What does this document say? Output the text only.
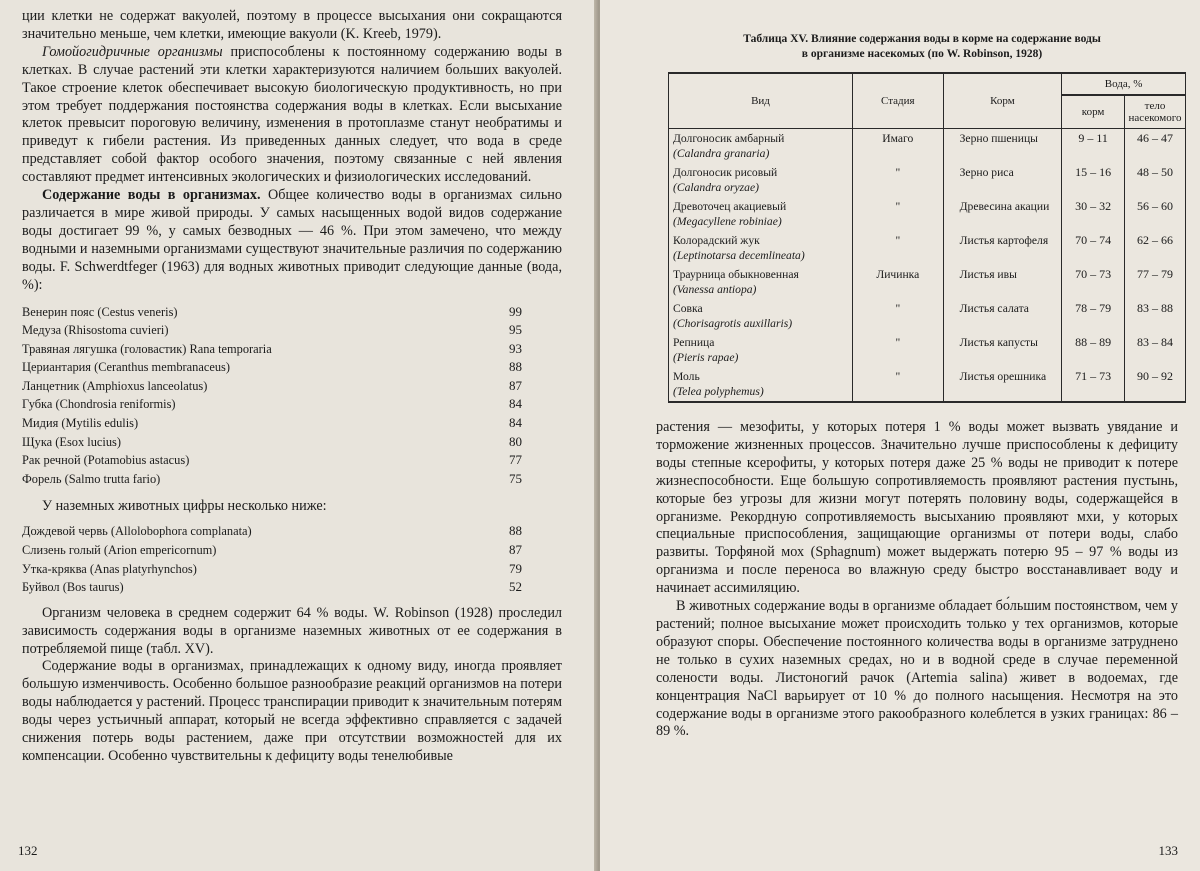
ции клетки не содержат вакуолей, поэтому в процессе высыхания они сокращаются значительно меньше, чем клетки, имеющие вакуоли (K. Kreeb, 1979).

Гомойогидричные организмы приспособлены к постоянному содержанию воды в клетках. В случае растений эти клетки характеризуются наличием больших вакуолей. Такое строение клеток обеспечивает высокую биологическую продуктивность, но при этом требует поддержания постоянства содержания воды в клетках. Если высыхание клеток превысит пороговую величину, изменения в протоплазме станут необратимы и приведут к гибели растения. Из приведенных данных следует, что вода в среде представляет собой фактор особого значения, поэтому связанные с ней явления составляют предмет интенсивных экологических и физиологических исследований.

Содержание воды в организмах. Общее количество воды в организмах сильно различается в мире живой природы. У самых насыщенных водой видов содержание воды достигает 99 %, у самых безводных — 46 %. При этом замечено, что между водными и наземными организмами существуют значительные различия по содержанию воды. F. Schwerdtfeger (1963) для водных животных приводит следующие данные (вода, %):

Венерин пояс (Cestus veneris)	99
Медуза (Rhisostoma cuvieri)	95
Травяная лягушка (головастик) Rana temporaria	93
Цериантария (Ceranthus membranaceus)	88
Ланцетник (Amphioxus lanceolatus)	87
Губка (Chondrosia reniformis)	84
Мидия (Mytilis edulis)	84
Щука (Esox lucius)	80
Рак речной (Potamobius astacus)	77
Форель (Salmo trutta fario)	75

У наземных животных цифры несколько ниже:

Дождевой червь (Allolobophora complanata)	88
Слизень голый (Arion empericornum)	87
Утка-кряква (Anas platyrhynchos)	79
Буйвол (Bos taurus)	52

Организм человека в среднем содержит 64 % воды. W. Robinson (1928) проследил зависимость содержания воды в организме наземных животных от ее содержания в потребляемой пище (табл. XV).

Содержание воды в организмах, принадлежащих к одному виду, иногда проявляет большую изменчивость. Особенно большое разнообразие реакций организмов на потери воды наблюдается у растений. Процесс транспирации приводит к значительным потерям воды через устьичный аппарат, который не всегда эффективно справляется с задачей снижения потерь воды растением, даже при отсутствии возможностей для их компенсации. Особенно чувствительны к дефициту воды тенелюбивые

132
Таблица XV. Влияние содержания воды в корме на содержание воды
в организме насекомых (по W. Robinson, 1928)
Вид	Стадия	Корм	Вода, %	
			корм	тело насекомого

Долгоносик амбарный
(Calandra granaria)	Имаго	Зерно пшеницы	9 – 11	46 – 47

Долгоносик рисовый
(Calandra oryzae)	"	Зерно риса	15 – 16	48 – 50

Древоточец акациевый
(Megacyllene robiniae)	"	Древесина акации	30 – 32	56 – 60

Колорадский жук
(Leptinotarsa decemlineata)	"	Листья картофеля	70 – 74	62 – 66

Траурница обыкновенная
(Vanessa antiopa)	Личинка	Листья ивы	70 – 73	77 – 79

Совка
(Chorisagrotis auxillaris)	"	Листья салата	78 – 79	83 – 88

Репница
(Pieris rapae)	"	Листья капусты	88 – 89	83 – 84

Моль
(Telea polyphemus)	"	Листья орешника	71 – 73	90 – 92

растения — мезофиты, у которых потеря 1 % воды может вызвать увядание и торможение жизненных процессов. Значительно лучше приспособлены к дефициту воды степные ксерофиты, у которых потеря даже 25 % воды не приводит к потере жизнеспособности. Еще большую сопротивляемость проявляют растения пустынь, которые без угрозы для жизни могут потерять половину воды, содержащейся в организме. Рекордную сопротивляемость высыханию проявляют мхи, у которых специальные приспособления, защищающие организмы от потери воды, слабо развиты. Торфяной мох (Sphagnum) может выдержать потерю 95 – 97 % воды из организма и после переноса во влажную среду быстро восстанавливает воду и начинает ассимиляцию.

В животных содержание воды в организме обладает бо́льшим постоянством, чем у растений; полное высыхание может происходить только у тех организмов, которые образуют споры. Обеспечение постоянного количества воды в организме затруднено не только в сухих наземных средах, но и в водной среде в случае переменной солености воды. Листоногий рачок (Artemia salina) живет в водоемах, где концентрация NaCl варьирует от 10 % до полного насыщения. Несмотря на это содержание воды в организме этого ракообразного колеблется в узких границах: 86 – 89 %.

133
